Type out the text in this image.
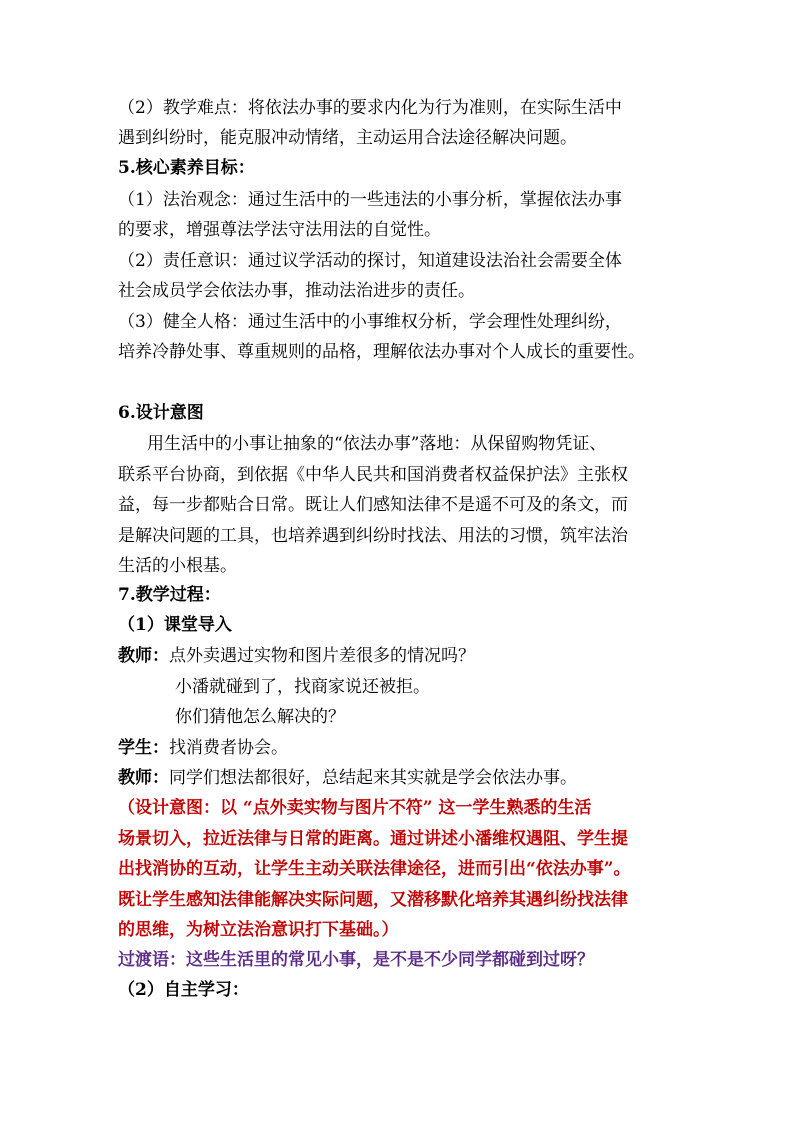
（2）教学难点：将依法办事的要求内化为行为准则，在实际生活中
遇到纠纷时，能克服冲动情绪，主动运用合法途径解决问题。
5.核心素养目标：
（1）法治观念：通过生活中的一些违法的小事分析，掌握依法办事
的要求，增强尊法学法守法用法的自觉性。
（2）责任意识：通过议学活动的探讨，知道建设法治社会需要全体
社会成员学会依法办事，推动法治进步的责任。
（3）健全人格：通过生活中的小事维权分析，学会理性处理纠纷，
培养冷静处事、尊重规则的品格，理解依法办事对个人成长的重要性。
6.设计意图
用生活中的小事让抽象的“依法办事”落地：从保留购物凭证、
联系平台协商，到依据《中华人民共和国消费者权益保护法》主张权
益，每一步都贴合日常。既让人们感知法律不是遥不可及的条文，而
是解决问题的工具，也培养遇到纠纷时找法、用法的习惯，筑牢法治
生活的小根基。
7.教学过程：
（1）课堂导入
教师：点外卖遇过实物和图片差很多的情况吗？
小潘就碰到了，找商家说还被拒。
你们猜他怎么解决的？
学生：找消费者协会。
教师：同学们想法都很好，总结起来其实就是学会依法办事。
（设计意图：以 “点外卖实物与图片不符” 这一学生熟悉的生活
场景切入，拉近法律与日常的距离。通过讲述小潘维权遇阻、学生提
出找消协的互动，让学生主动关联法律途径，进而引出“依法办事”。
既让学生感知法律能解决实际问题，又潜移默化培养其遇纠纷找法律
的思维，为树立法治意识打下基础。）
过渡语：这些生活里的常见小事，是不是不少同学都碰到过呀？
（2）自主学习：
